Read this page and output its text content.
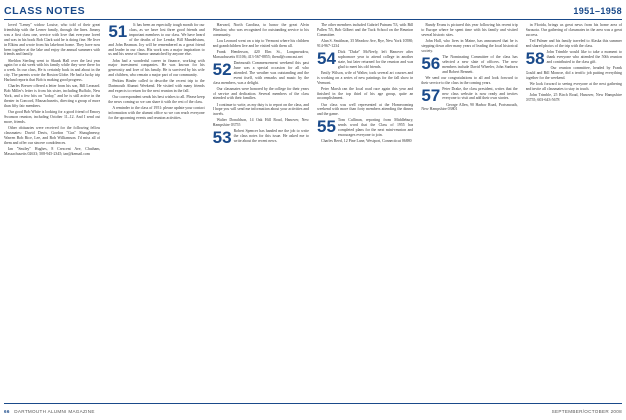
CLASS NOTES	1951–1958

loved "Lenny" widow Louise, who told of their great friendship with the Lerner family, through the lines. Jimmy was a first class one, service with love that everyone loved and was in his book Bob Clark said he is doing fine. He lives in Elkins and wrote from his lakefront home. They have now been together at the lake and enjoy the annual summers with friends and family.

Sheldon Sterling went to Skunk Hall over the last year again for a ski week with his family while they were there for a week. In our class, He is certainly back in and about in the city. The parents wrote the Boston Globe. He had a lucky trip Harland reports that Bob is making good progress.

Charles Brewer offered a letter from his son, Bill Leonard. Bob Miller's letter is from his sister, including Buffalo, New York, and a few bits on "today," and he is still active in the theater in Concord, Massachusetts, directing a group of more than fifty fair members.

Our good Bob White is looking for a good friend of Emory Swanson reunion, including October 11–12. And I send out more, friends.

Other obituaries were received for the following fellow classmates: David Davis, Gordon "Gus" Shaughnessy, Warren Bob Rice, Lee, and Bob Williamson. I'd miss all of them and offer our sincere condolences.

Ian "Smiley" Hughes, 8 Crescent Ave, Chatham, Massachusetts 02633; 508-945-2345; ian@kemail.com

51	It has been an especially tough month for our class, as we have lost three good friends and important members to our class. We have heard of the deaths of Joe Lemke, Bill Mandelstam, and John Beaman. Joy will be remembered as a great friend and leader in our class. His work was a major inspiration to us and his sense of humor unmatched by anyone else.

John had a wonderful career in finance, working with major investment companies. He was known for his generosity and love of his family. He is survived by his wife and children, who remain a major part of our community.

Perkins Binder called to describe the recent trip to the Dartmouth Alumni Weekend. He visited with many friends and expects to return for the next reunion in the fall.

Our correspondent sends his best wishes to all. Please keep the news coming so we can share it with the rest of the class.

A reminder to the class of 1951: please update your contact information with the alumni office so we can reach everyone for the upcoming events and reunion activities.

Harvard, North Carolina, to honor the great Alvin Winslow, who was recognized for outstanding service to his community.

Lou Leonard went on a trip to Vermont where his children and grandchildren live and he visited with them all.

Frank Henderson, 420 Elm St., Longmeadow, Massachusetts 01106; 413-567-8855; fhend@comcast.net

52 Dartmouth Commencement weekend this past June was a special occasion for all who attended. The weather was outstanding and the event itself, with remarks and music by the class members, was a delight.

Our classmates were honored by the college for their years of service and dedication. Several members of the class attended with their families.

I continue to write, as my duty is to report on the class, and I hope you will send me information about your activities and travels.

Walter Donaldson, 14 Oak Hill Road, Hanover, New Hampshire 03755

53 Robert Spencer has handed me the job to write the class notes for this issue. He asked me to write about the recent news.

The other members included Gabriel Putnam '53, with Bill Pallen '55, Bob Gilbert and the Tuck School on the Reunion Committee.

Alan S. Smithson, 35 Meadow Ave, Rye, New York 10580; 914-967-1234

54 Dick "Duke" McNeely, left Hanover after sophomore year to attend college in another state, but later returned for the reunion and was glad to meet his old friends.

Emily Wilson, wife of Walter, took several art courses and is working on a series of new paintings for the fall show in Vermont.

Peter Marsh ran the local road race again this year and finished in the top third of his age group, quite an accomplishment.

Our class was well represented at the Homecoming weekend with more than forty members attending the dinner and the game.

55 Tom Cullinan, reporting from Middlebury, sends word that the Class of 1955 has completed plans for the next mini-reunion and encourages everyone to join.

Charles Reed, 12 Pine Lane, Westport, Connecticut 06880

Randy Evans is pictured this year following his recent trip to Europe where he spent time with his family and visited several historic sites.

John Hall, who lives in Maine, has announced that he is stepping down after many years of leading the local historical society.

56 The Nominating Committee of the class has selected a new slate of officers. The new members include David Wheeler, John Sanborn and Robert Bennett.

We send our congratulations to all and look forward to their service to the class in the coming years.

57 Peter Drake, the class president, writes that the new class website is now ready and invites everyone to visit and add their own stories.

George Allen, 90 Harbor Road, Portsmouth, New Hampshire 03801

in Florida, brings us great news from his home area of Sarasota. Our gathering of classmates in the area was a great success.

Ted Palmer and his family traveled to Alaska this summer and shared photos of the trip with the class.

58 John Trimble would like to take a moment to thank everyone who attended the 50th reunion and contributed to the class gift.

Our reunion committee, headed by Frank Gould and Bill Monroe, did a terrific job putting everything together for the weekend.

We look forward to seeing everyone at the next gathering and invite all classmates to stay in touch.

John Trimble, 25 Birch Road, Hanover, New Hampshire 03755; 603-643-5678

66 DARTMOUTH ALUMNI MAGAZINE	SEPTEMBER/OCTOBER 2008
